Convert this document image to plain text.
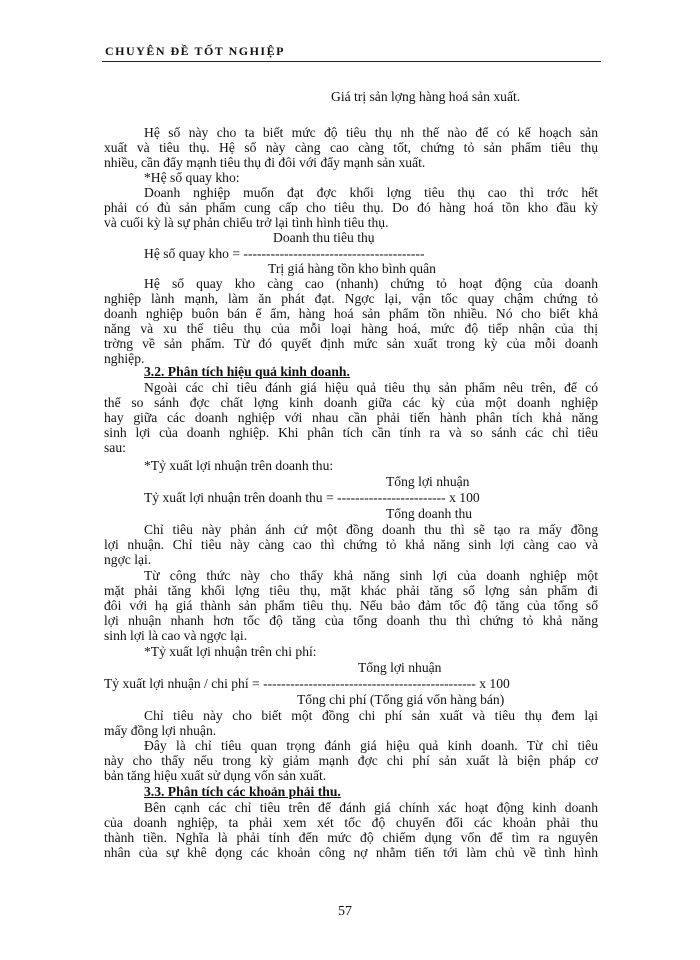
CHUYÊN ĐỀ TỐT NGHIỆP
Giá trị sản lợng hàng hoá sản xuất.
Hệ số này cho ta biết mức độ tiêu thụ nh thế nào để có kế hoạch sản
xuất và tiêu thụ. Hệ số này càng cao càng tốt, chứng tỏ sản phẩm tiêu thụ
nhiều, cần đẩy mạnh tiêu thụ đi đôi với đẩy mạnh sản xuất.
*Hệ số quay kho:
Doanh nghiệp muốn đạt đợc khối lợng tiêu thụ cao thì trớc hết
phải có đủ sản phẩm cung cấp cho tiêu thụ. Do đó hàng hoá tồn kho đầu kỳ
và cuối kỳ là sự phản chiếu trở lại tình hình tiêu thụ.
Doanh thu tiêu thụ
Hệ số quay kho = ----------------------------------------
Trị giá hàng tồn kho bình quân
Hệ số quay kho càng cao (nhanh) chứng tỏ hoạt động của doanh
nghiệp lành mạnh, làm ăn phát đạt. Ngợc lại, vận tốc quay chậm chứng tỏ
doanh nghiệp buôn bán ế ẩm, hàng hoá sản phẩm tồn nhiều. Nó cho biết khả
năng và xu thế tiêu thụ của mỗi loại hàng hoá, mức độ tiếp nhận của thị
trờng về sản phẩm. Từ đó quyết định mức sản xuất trong kỳ của mỗi doanh
nghiệp.
3.2. Phân tích hiệu quả kinh doanh.
Ngoài các chỉ tiêu đánh giá hiệu quả tiêu thụ sản phẩm nêu trên, để có
thể so sánh đợc chất lợng kinh doanh giữa các kỳ của một doanh nghiệp
hay giữa các doanh nghiệp với nhau cần phải tiến hành phân tích khả năng
sinh lợi của doanh nghiệp. Khi phân tích cần tính ra và so sánh các chỉ tiêu
sau:
*Tỷ xuất lợi nhuận trên doanh thu:
Tổng lợi nhuận
Tỷ xuất lợi nhuận trên doanh thu = ------------------------ x 100
Tổng doanh thu
Chỉ tiêu này phản ánh cứ một đồng doanh thu thì sẽ tạo ra mấy đồng
lợi nhuận. Chỉ tiêu này càng cao thì chứng tỏ khả năng sinh lợi càng cao và
ngợc lại.
Từ công thức này cho thấy khả năng sinh lợi của doanh nghiệp một
mặt phải tăng khối lợng tiêu thụ, mặt khác phải tăng số lợng sản phẩm đi
đôi với hạ giá thành sản phẩm tiêu thụ. Nếu bảo đảm tốc độ tăng của tổng số
lợi nhuận nhanh hơn tốc độ tăng của tổng doanh thu thì chứng tỏ khả năng
sinh lợi là cao và ngợc lại.
*Tỷ xuất lợi nhuận trên chi phí:
Tổng lợi nhuận
Tỷ xuất lợi nhuận / chi phí = ----------------------------------------------- x 100
Tổng chi phí (Tổng giá vốn hàng bán)
Chỉ tiêu này cho biết một đồng chi phí sản xuất và tiêu thụ đem lại
mấy đồng lợi nhuận.
Đây là chỉ tiêu quan trọng đánh giá hiệu quả kinh doanh. Từ chỉ tiêu
này cho thấy nếu trong kỳ giảm mạnh đợc chi phí sản xuất là biện pháp cơ
bản tăng hiệu xuất sử dụng vốn sản xuất.
3.3. Phân tích các khoản phải thu.
Bên cạnh các chỉ tiêu trên để đánh giá chính xác hoạt động kinh doanh
của doanh nghiệp, ta phải xem xét tốc độ chuyển đổi các khoản phải thu
thành tiền. Nghĩa là phải tính đến mức độ chiếm dụng vốn để tìm ra nguyên
nhân của sự khê đọng các khoản công nợ nhằm tiến tới làm chủ về tình hình
57
